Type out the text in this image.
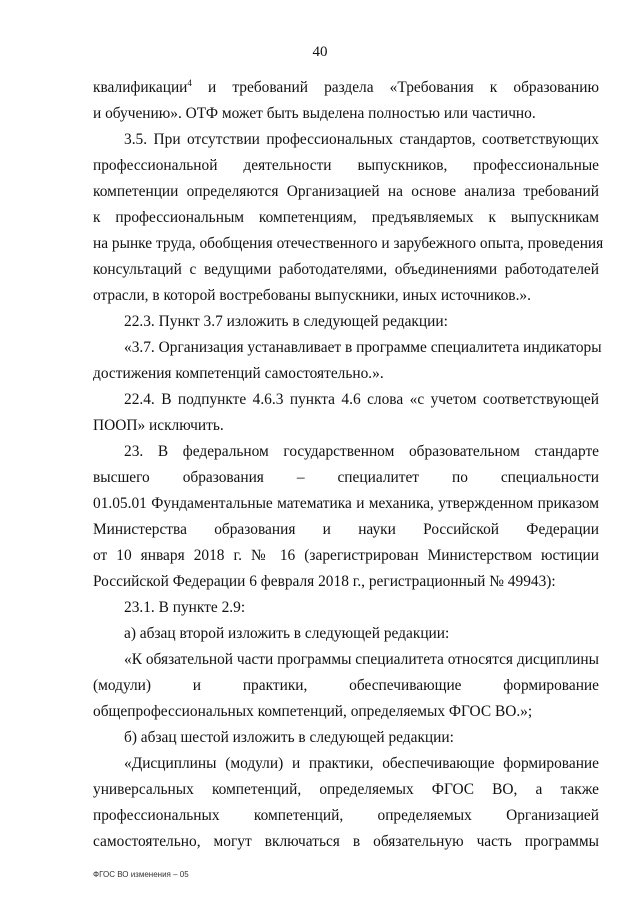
40
квалификации$^4$ и требований раздела «Требования к образованию
и обучению». ОТФ может быть выделена полностью или частично.
3.5. При отсутствии профессиональных стандартов, соответствующих
профессиональной деятельности выпускников, профессиональные
компетенции определяются Организацией на основе анализа требований
к профессиональным компетенциям, предъявляемых к выпускникам
на рынке труда, обобщения отечественного и зарубежного опыта, проведения
консультаций с ведущими работодателями, объединениями работодателей
отрасли, в которой востребованы выпускники, иных источников.».
22.3. Пункт 3.7 изложить в следующей редакции:
«3.7. Организация устанавливает в программе специалитета индикаторы
достижения компетенций самостоятельно.».
22.4. В подпункте 4.6.3 пункта 4.6 слова «с учетом соответствующей
ПООП» исключить.
23. В федеральном государственном образовательном стандарте
высшего образования – специалитет по специальности
01.05.01 Фундаментальные математика и механика, утвержденном приказом
Министерства образования и науки Российской Федерации
от 10 января 2018 г. № 16 (зарегистрирован Министерством юстиции
Российской Федерации 6 февраля 2018 г., регистрационный № 49943):
23.1. В пункте 2.9:
а) абзац второй изложить в следующей редакции:
«К обязательной части программы специалитета относятся дисциплины
(модули) и практики, обеспечивающие формирование
общепрофессиональных компетенций, определяемых ФГОС ВО.»;
б) абзац шестой изложить в следующей редакции:
«Дисциплины (модули) и практики, обеспечивающие формирование
универсальных компетенций, определяемых ФГОС ВО, а также
профессиональных компетенций, определяемых Организацией
самостоятельно, могут включаться в обязательную часть программы
ФГОС ВО изменения – 05
